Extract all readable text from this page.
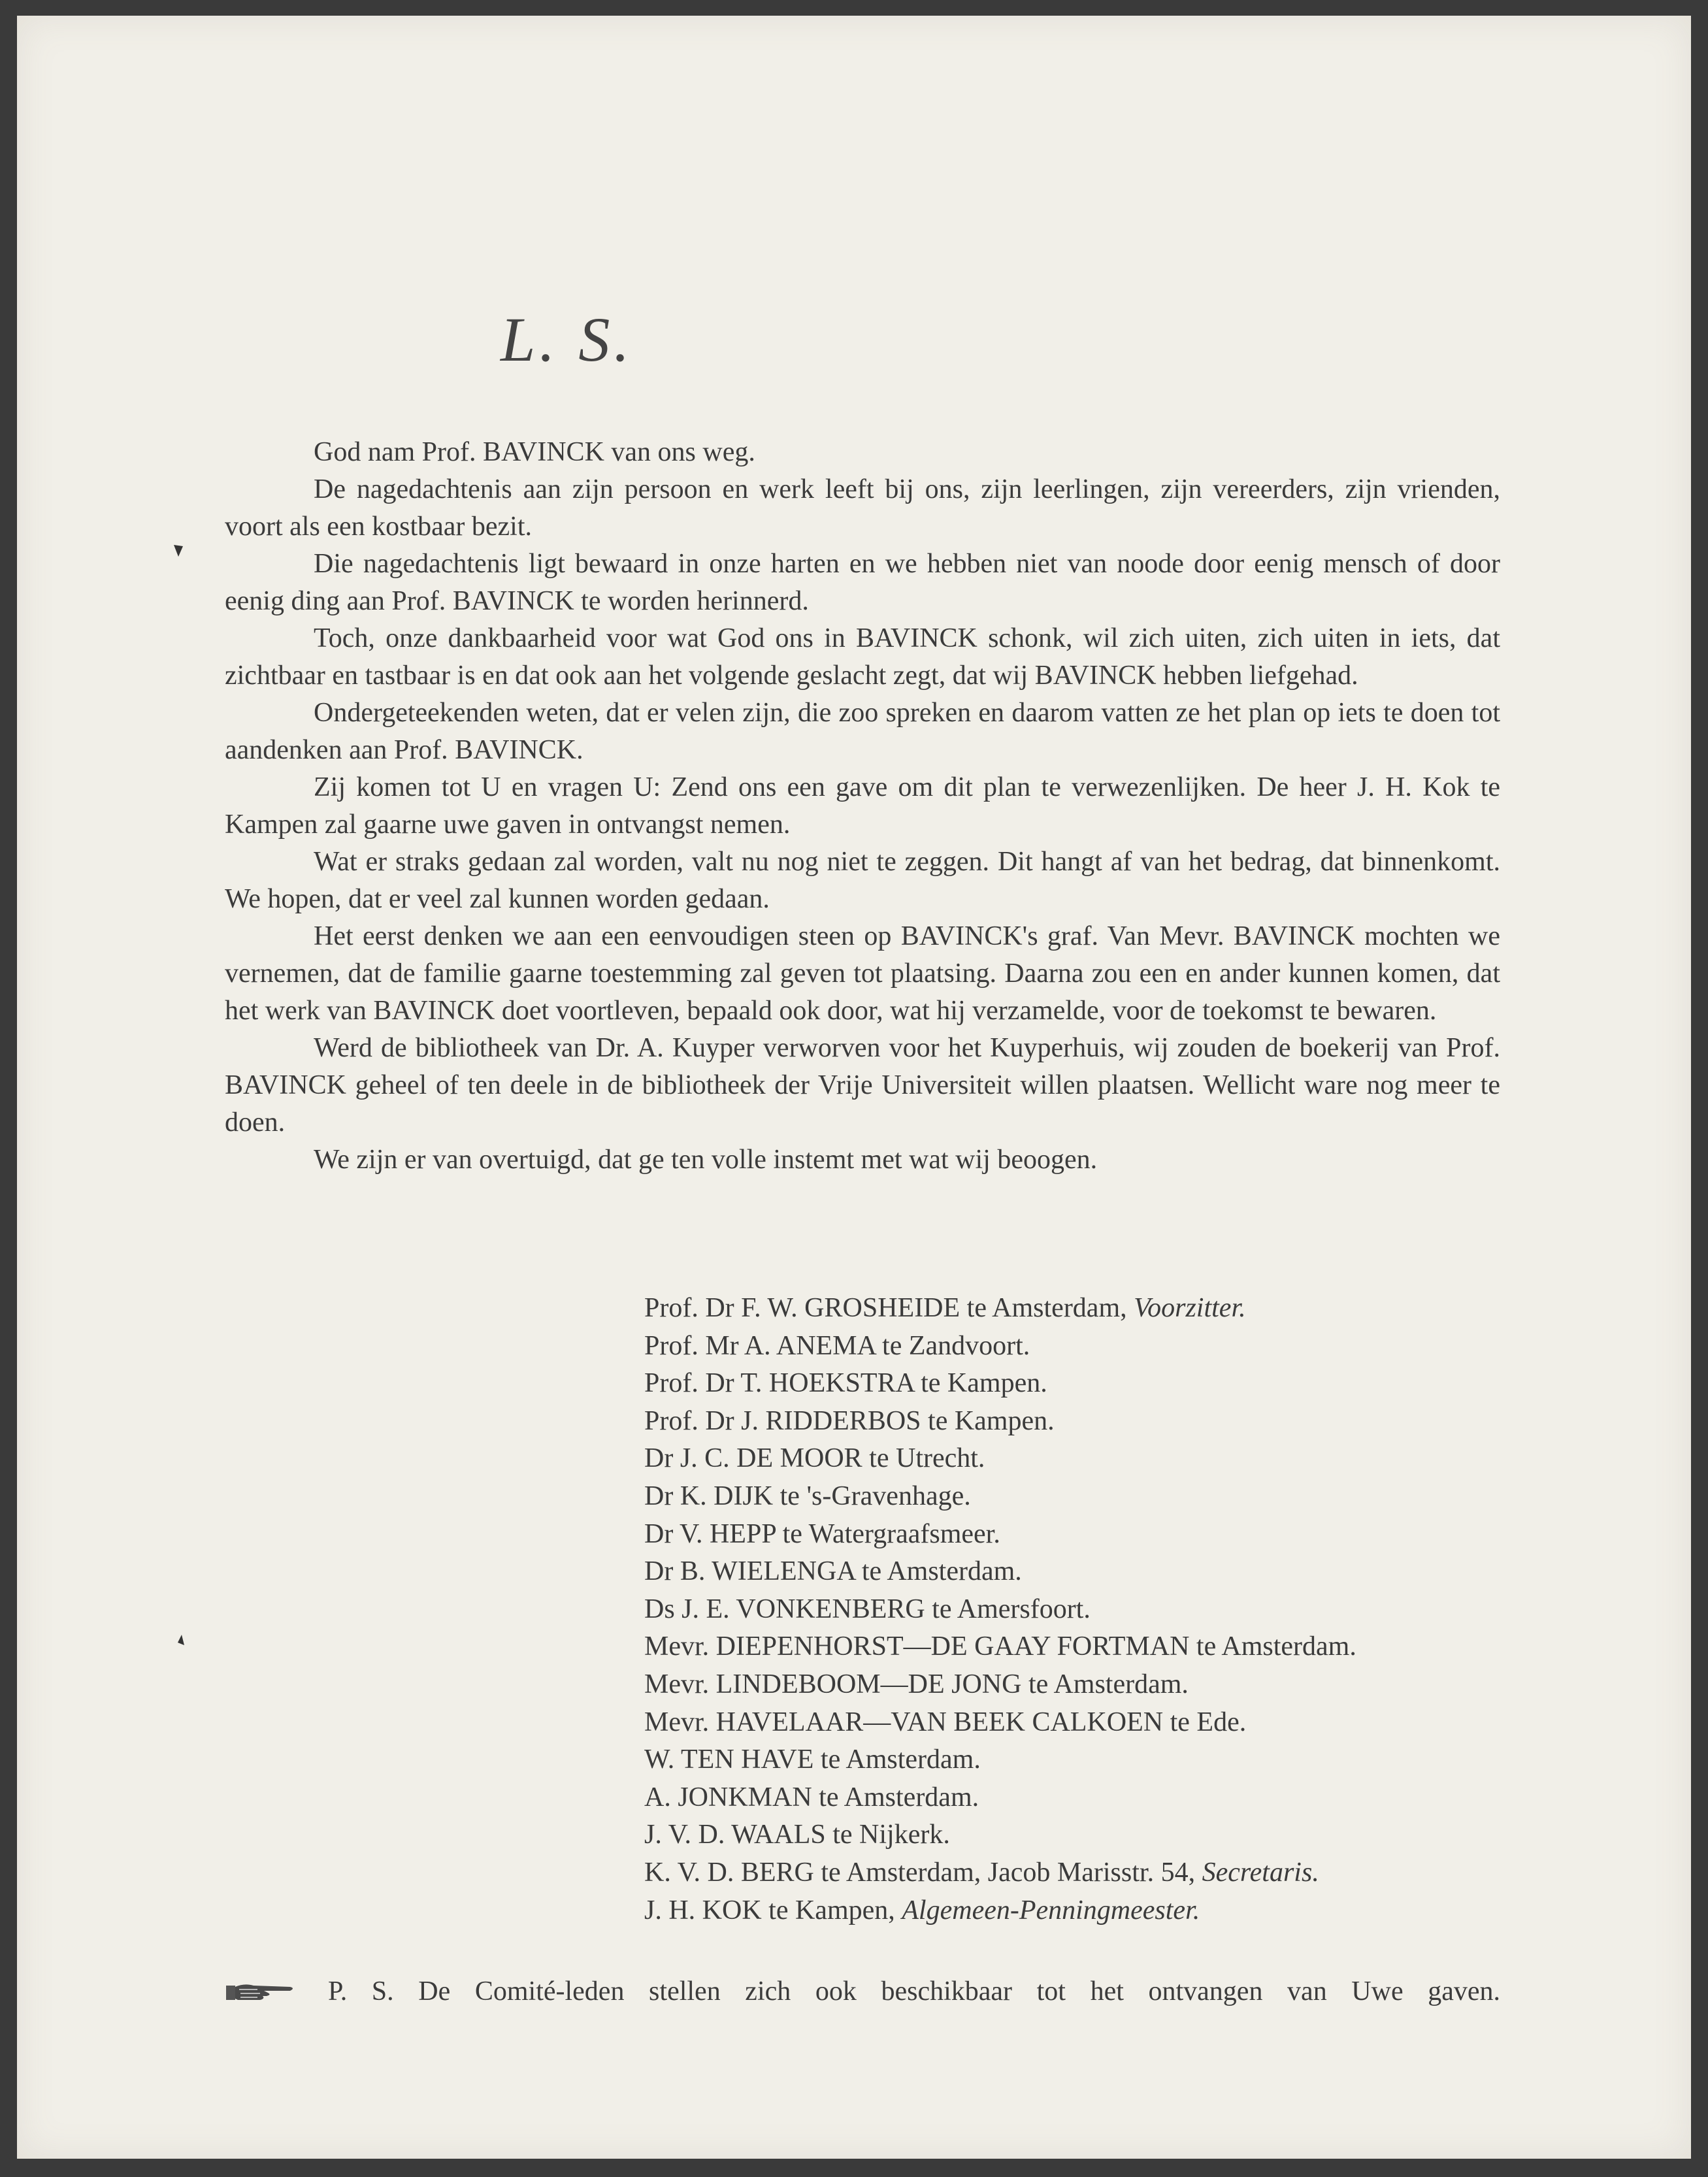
L. S.

God nam Prof. BAVINCK van ons weg.

De nagedachtenis aan zijn persoon en werk leeft bij ons, zijn leerlingen, zijn vereerders, zijn vrienden, voort als een kostbaar bezit.

Die nagedachtenis ligt bewaard in onze harten en we hebben niet van noode door eenig mensch of door eenig ding aan Prof. BAVINCK te worden herinnerd.

Toch, onze dankbaarheid voor wat God ons in BAVINCK schonk, wil zich uiten, zich uiten in iets, dat zichtbaar en tastbaar is en dat ook aan het volgende geslacht zegt, dat wij BAVINCK hebben liefgehad.

Ondergeteekenden weten, dat er velen zijn, die zoo spreken en daarom vatten ze het plan op iets te doen tot aandenken aan Prof. BAVINCK.

Zij komen tot U en vragen U: Zend ons een gave om dit plan te verwezenlijken. De heer J. H. Kok te Kampen zal gaarne uwe gaven in ontvangst nemen.

Wat er straks gedaan zal worden, valt nu nog niet te zeggen. Dit hangt af van het bedrag, dat binnenkomt. We hopen, dat er veel zal kunnen worden gedaan.

Het eerst denken we aan een eenvoudigen steen op BAVINCK's graf. Van Mevr. BAVINCK mochten we vernemen, dat de familie gaarne toestemming zal geven tot plaatsing. Daarna zou een en ander kunnen komen, dat het werk van BAVINCK doet voortleven, bepaald ook door, wat hij verzamelde, voor de toekomst te bewaren.

Werd de bibliotheek van Dr. A. Kuyper verworven voor het Kuyperhuis, wij zouden de boekerij van Prof. BAVINCK geheel of ten deele in de bibliotheek der Vrije Universiteit willen plaatsen. Wellicht ware nog meer te doen.

We zijn er van overtuigd, dat ge ten volle instemt met wat wij beoogen.

Prof. Dr F. W. GROSHEIDE te Amsterdam, Voorzitter.
Prof. Mr A. ANEMA te Zandvoort.
Prof. Dr T. HOEKSTRA te Kampen.
Prof. Dr J. RIDDERBOS te Kampen.
Dr J. C. DE MOOR te Utrecht.
Dr K. DIJK te 's-Gravenhage.
Dr V. HEPP te Watergraafsmeer.
Dr B. WIELENGA te Amsterdam.
Ds J. E. VONKENBERG te Amersfoort.
Mevr. DIEPENHORST—DE GAAY FORTMAN te Amsterdam.
Mevr. LINDEBOOM—DE JONG te Amsterdam.
Mevr. HAVELAAR—VAN BEEK CALKOEN te Ede.
W. TEN HAVE te Amsterdam.
A. JONKMAN te Amsterdam.
J. V. D. WAALS te Nijkerk.
K. V. D. BERG te Amsterdam, Jacob Marisstr. 54, Secretaris.
J. H. KOK te Kampen, Algemeen-Penningmeester.
P. S. De Comité-leden stellen zich ook beschikbaar tot het ontvangen van Uwe gaven.
